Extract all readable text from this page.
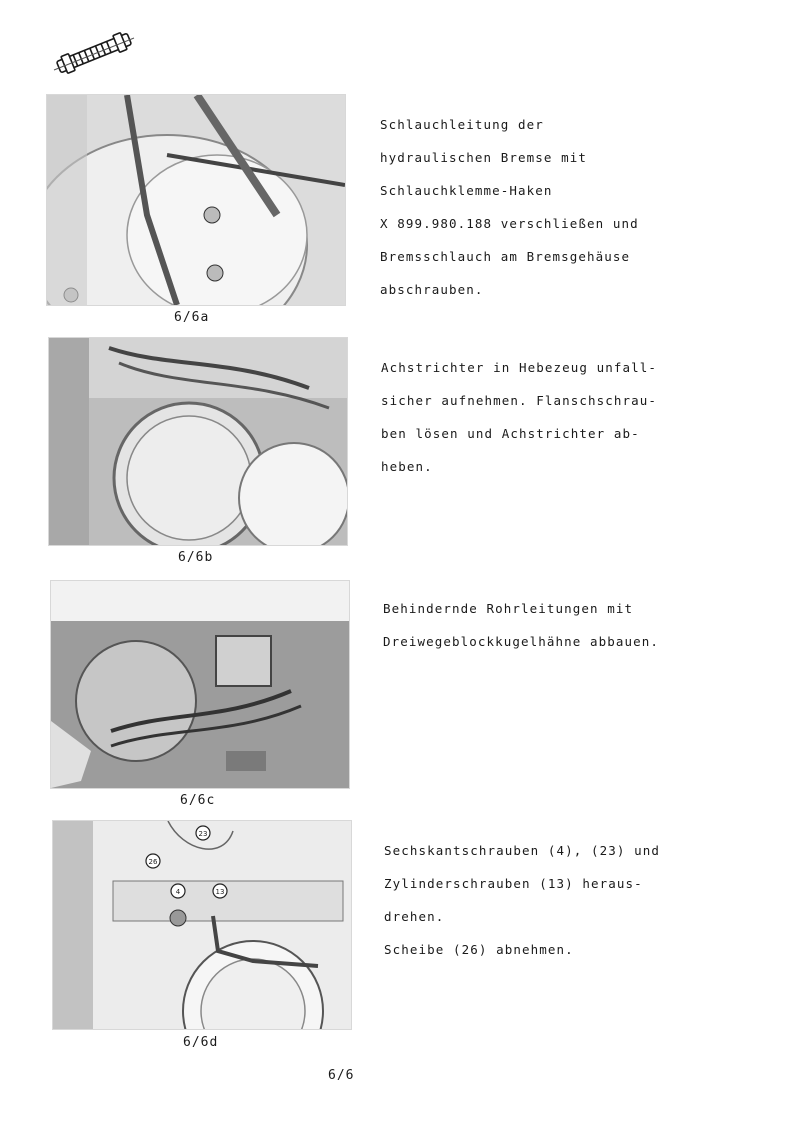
6/6a

Schlauchleitung der

hydraulischen Bremse mit

Schlauchklemme-Haken

X 899.980.188 verschließen und

Bremsschlauch am Bremsgehäuse

abschrauben.

6/6b

Achstrichter in Hebezeug unfall-

sicher aufnehmen. Flanschschrau-

ben lösen und Achstrichter ab-

heben.

6/6c

Behindernde Rohrleitungen mit

Dreiwegeblockkugelhähne abbauen.

26
23
4	13
6/6d

Sechskantschrauben (4), (23) und

Zylinderschrauben (13) heraus-

drehen.

Scheibe (26) abnehmen.

6/6
